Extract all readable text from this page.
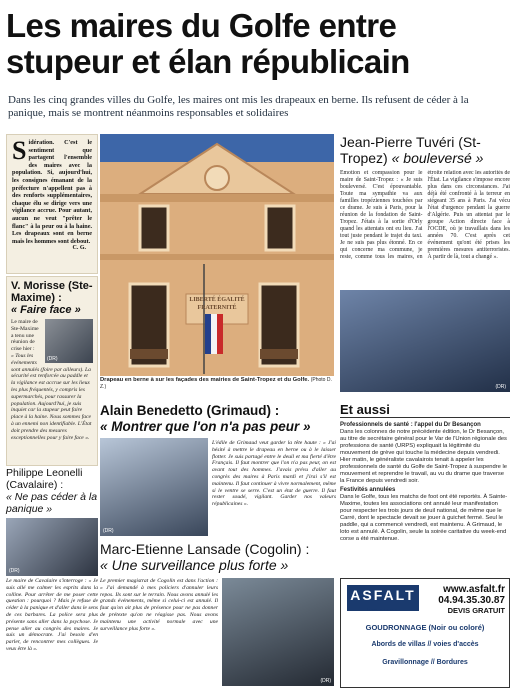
Les maires du Golfe entre stupeur et élan républicain
Dans les cinq grandes villes du Golfe, les maires ont mis les drapeaux en berne. Ils refusent de céder à la panique, mais se montrent néanmoins responsables et solidaires

Sidération. C'est le sentiment que partagent l'ensemble des maires avec la population. Si, aujourd'hui, les consignes émanant de la préfecture n'appellent pas à des renforts supplémentaires, chaque élu se dirige vers une vigilance accrue. Pour autant, aucun ne veut "prêter le flanc" à la peur ou à la haine. Les drapeaux sont en berne mais les hommes sont debout.
C. G.

V. Morisse (Ste-Maxime) :
« Faire face »
(DR)
Le maire de Ste-Maxime a tenu une réunion de crise hier :
« Tous les événements sont annulés (foire par ailleurs). La sécurité est renforcée au paddle et la vigilance est accrue sur les lieux les plus fréquentés, y compris les supermarchés, pour rassurer la population. Aujourd'hui, je suis inquiet car la stupeur peut faire place à la haine. Nous sommes face à un ennemi non identifiable. L'État doit prendre des mesures exceptionnelles pour y faire face ».
Philippe Leonelli (Cavalaire) :
« Ne pas céder à la panique »
(DR)
Le maire de Cavalaire s'interroge : « Je suis allé me calmer les esprits dans la colline. Pour arrêter de me poser cette question : pourquoi ? Mais je refuse de céder à la panique et d'aller dans le sens de ces barbares. La police sera plus présente sans aller dans la psychose. Je pense aller au congrès des maires. Je suis un démocrate. J'ai besoin d'en parler, de rencontrer mes collègues. Je veux être là ».
LIBERTÉ ÉGALITÉ FRATERNITÉ
Drapeau en berne à sur les façades des mairies de Saint-Tropez et du Golfe. (Photo D. Z.)
Jean-Pierre Tuvéri (St-Tropez) « bouleversé »
Émotion et compassion pour le maire de Saint-Tropez : « Je suis bouleversé. C'est épouvantable. Toute ma sympathie va aux familles tropéziennes touchées par ce drame. Je suis à Paris, pour la réunion de la fondation de Saint-Tropez. J'étais à la sortie d'Orly quand les attentats ont eu lieu. J'ai tout juste pendant le trajet du taxi. Je ne suis pas plus étonné. En ce qui concerne ma commune, je reste, comme tous les maires, en étroite relation avec les autorités de l'État. La vigilance s'impose encore plus dans ces circonstances. J'ai déjà été confronté à la terreur en siégeant 35 ans à Paris. J'ai vécu l'état d'urgence pendant la guerre d'Algérie. Puis un attentat par le groupe Action directe face à l'OCDE, où je travaillais dans les années 70. C'est après cet événement qu'ont été prises les premières mesures antiterroristes. À partir de là, tout a changé ».
(DR)
Alain Benedetto (Grimaud) :
« Montrer que l'on n'a pas peur »
(DR)
L'édile de Grimaud veut garder la tête haute : « J'ai hésité à mettre le drapeau en berne ou à le laisser flotter. Je suis partagé entre le deuil et ma fierté d'être Français. Il faut montrer que l'on n'a pas peur, on est avant tout des hommes. J'avais prévu d'aller au congrès des maires à Paris mardi et j'irai s'il est maintenu. Il faut continuer à vivre normalement, même si le ventre se serre. C'est un état de guerre. Il faut rester soudé, vigilant. Garder nos valeurs républicaines ».
Marc-Etienne Lansade (Cogolin) :
« Une surveillance plus forte »
Le premier magistrat de Cogolin est dans l'action : « J'ai demandé à mes policiers d'annuler leurs repos. Ils sont sur le terrain. Nous avons annulé les grands événements, même si celui-ci est annulé. Il faut qu'on ait plus de présence pour ne pas donner de prétexte qu'on ne réagisse pas. Nous avons maintenu une activité normale avec une surveillance plus forte ».
(DR)
Et aussi
Professionnels de santé : l'appel du Dr Besançon
Dans les colonnes de notre précédente édition, le Dr Besançon, au titre de secrétaire général pour le Var de l'Union régionale des professions de santé (URPS) expliquait la légitimité du mouvement de grève qui touche la médecine depuis vendredi. Hier matin, le généraliste cavalairois tenait à appeler les professionnels de santé du Golfe de Saint-Tropez à suspendre le mouvement et reprendre le travail, au vu du drame que traverse la France depuis vendredi soir.
Festivités annulées
Dans le Golfe, tous les matchs de foot ont été reportés. À Sainte-Maxime, toutes les associations ont annulé leur manifestation pour respecter les trois jours de deuil national, de même que le Carré, dont le spectacle devait se jouer à guichet fermé. Seul le paddle, qui a commencé vendredi, est maintenu. À Grimaud, le loto est annulé. À Cogolin, seule la soirée caritative du week-end corse a été maintenue.
ASFALT
TRAVAUX PUBLICS
www.asfalt.fr
04.94.35.30.87
DEVIS GRATUIT
GOUDRONNAGE (Noir ou coloré)
Abords de villas // voies d'accès
Gravillonnage // Bordures
